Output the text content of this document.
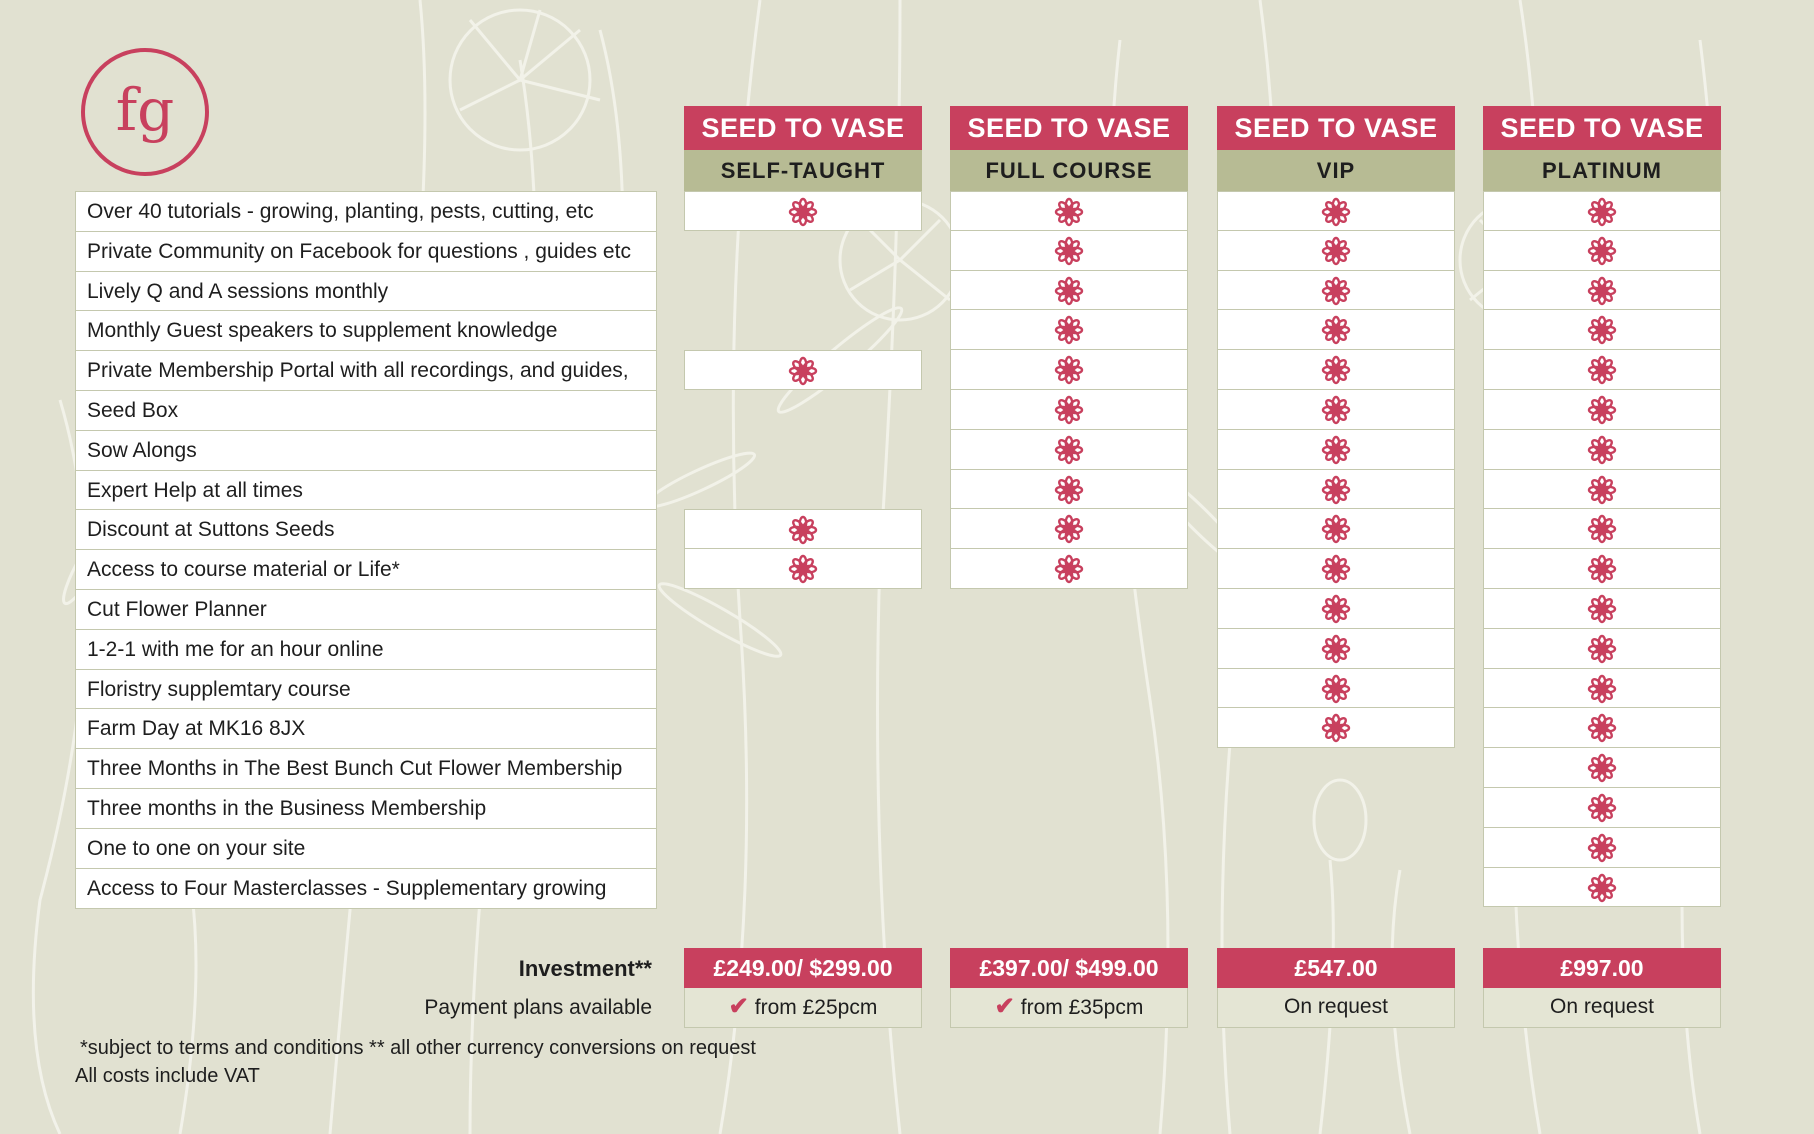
fg
Over 40 tutorials - growing, planting, pests, cutting, etc
Private Community on Facebook for questions , guides etc
Lively Q and A sessions monthly
Monthly Guest speakers to supplement knowledge
Private Membership Portal with all recordings, and guides,
Seed Box
Sow Alongs
Expert Help at all times
Discount at Suttons Seeds
Access to course material or Life*
Cut Flower Planner
1-2-1 with me for an hour online
Floristry supplemtary course
Farm Day at MK16 8JX
Three Months in The Best Bunch Cut Flower Membership
Three months in the Business Membership
One to one on your site
Access to Four Masterclasses - Supplementary growing
SEED TO VASE
SELF-TAUGHT
£249.00/ $299.00
✔ from £25pcm
SEED TO VASE
FULL COURSE
£397.00/ $499.00
✔ from £35pcm
SEED TO VASE
VIP
£547.00
On request
SEED TO VASE
PLATINUM
£997.00
On request
Investment**
Payment plans available
*subject to terms and conditions ** all other currency conversions on request
All costs include VAT
